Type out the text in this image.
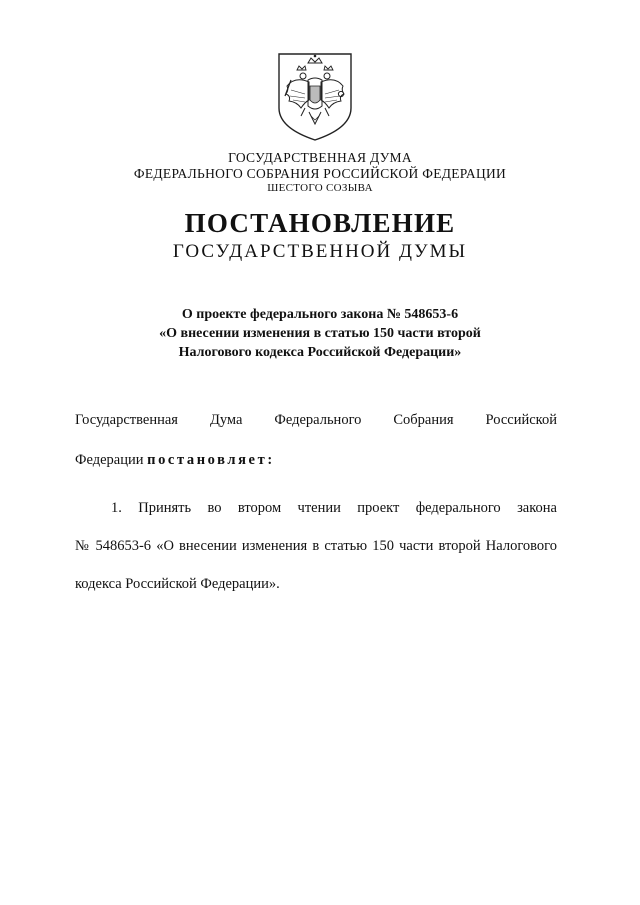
ГОСУДАРСТВЕННАЯ ДУМА
ФЕДЕРАЛЬНОГО СОБРАНИЯ РОССИЙСКОЙ ФЕДЕРАЦИИ
ШЕСТОГО СОЗЫВА
ПОСТАНОВЛЕНИЕ
ГОСУДАРСТВЕННОЙ ДУМЫ
О проекте федерального закона № 548653-6
«О внесении изменения в статью 150 части второй
Налогового кодекса Российской Федерации»
Государственная Дума Федерального Собрания Российской
Федерации постановляет:
1. Принять во втором чтении проект федерального закона
№ 548653-6 «О внесении изменения в статью 150 части второй Налогового
кодекса Российской Федерации».
